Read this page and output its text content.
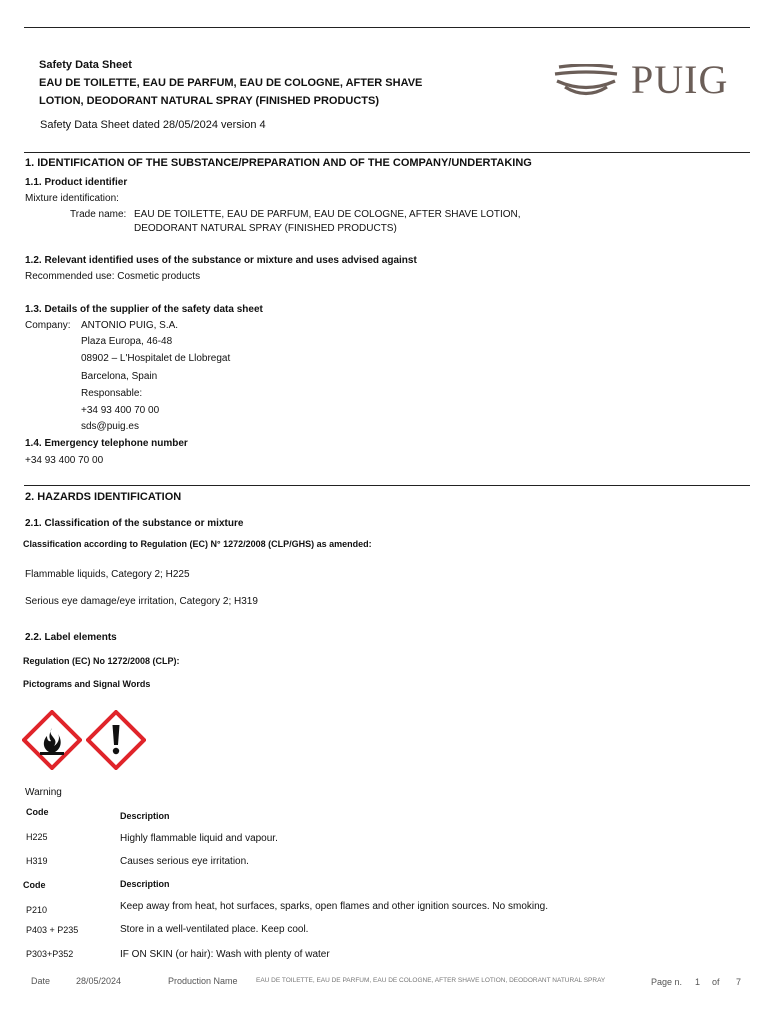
Safety Data Sheet
EAU DE TOILETTE, EAU DE PARFUM, EAU DE COLOGNE, AFTER SHAVE
LOTION, DEODORANT NATURAL SPRAY (FINISHED PRODUCTS)
Safety Data Sheet dated 28/05/2024 version 4
PUIG
1. IDENTIFICATION OF THE SUBSTANCE/PREPARATION AND OF THE COMPANY/UNDERTAKING
1.1. Product identifier
Mixture identification:
Trade name: EAU DE TOILETTE, EAU DE PARFUM, EAU DE COLOGNE, AFTER SHAVE LOTION,
DEODORANT NATURAL SPRAY (FINISHED PRODUCTS)
1.2. Relevant identified uses of the substance or mixture and uses advised against
Recommended use: Cosmetic products
1.3. Details of the supplier of the safety data sheet
Company: ANTONIO PUIG, S.A.
Plaza Europa, 46-48
08902 – L'Hospitalet de Llobregat
Barcelona, Spain
Responsable:
+34 93 400 70 00
sds@puig.es
1.4. Emergency telephone number
+34 93 400 70 00
2. HAZARDS IDENTIFICATION
2.1. Classification of the substance or mixture
Classification according to Regulation (EC) N° 1272/2008 (CLP/GHS) as amended:
Flammable liquids, Category 2; H225
Serious eye damage/eye irritation, Category 2; H319
2.2. Label elements
Regulation (EC) No 1272/2008 (CLP):
Pictograms and Signal Words
Warning
Code	Description
H225	Highly flammable liquid and vapour.
H319	Causes serious eye irritation.
Code	Description
P210	Keep away from heat, hot surfaces, sparks, open flames and other ignition sources. No smoking.
P403 + P235	Store in a well-ventilated place. Keep cool.
P303+P352	IF ON SKIN (or hair): Wash with plenty of water
Date	28/05/2024	Production Name	EAU DE TOILETTE, EAU DE PARFUM, EAU DE COLOGNE, AFTER SHAVE LOTION, DEODORANT NATURAL SPRAY	Page n. 1 of 7
